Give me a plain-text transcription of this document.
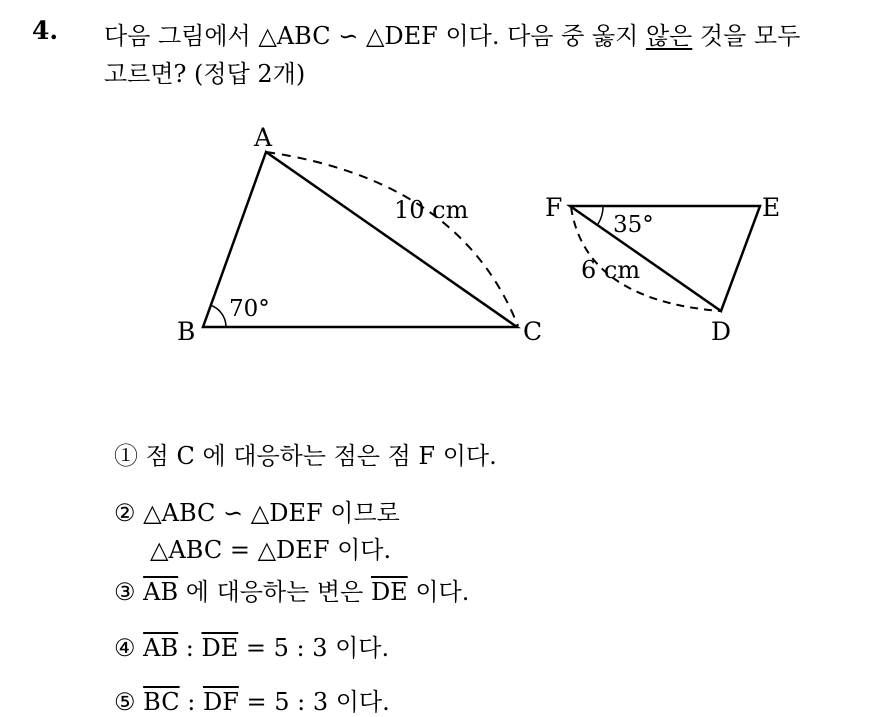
4. 다음 그림에서 △ABC ∽ △DEF 이다. 다음 중 옳지 않은 것을 모두
고르면? (정답 2개)
A
B	C
70°
10 cm	F	E
D
35°
6 cm
① 점 C 에 대응하는 점은 점 F 이다.
② △ABC ∽ △DEF 이므로
△ABC = △DEF 이다.
③ $\overline{AB}$ 에 대응하는 변은 $\overline{DE}$ 이다.
④ $\overline{AB}$ : $\overline{DE} = 5$ : 3 이다.
⑤ $\overline{BC}$ : $\overline{DF} = 5$ : 3 이다.
